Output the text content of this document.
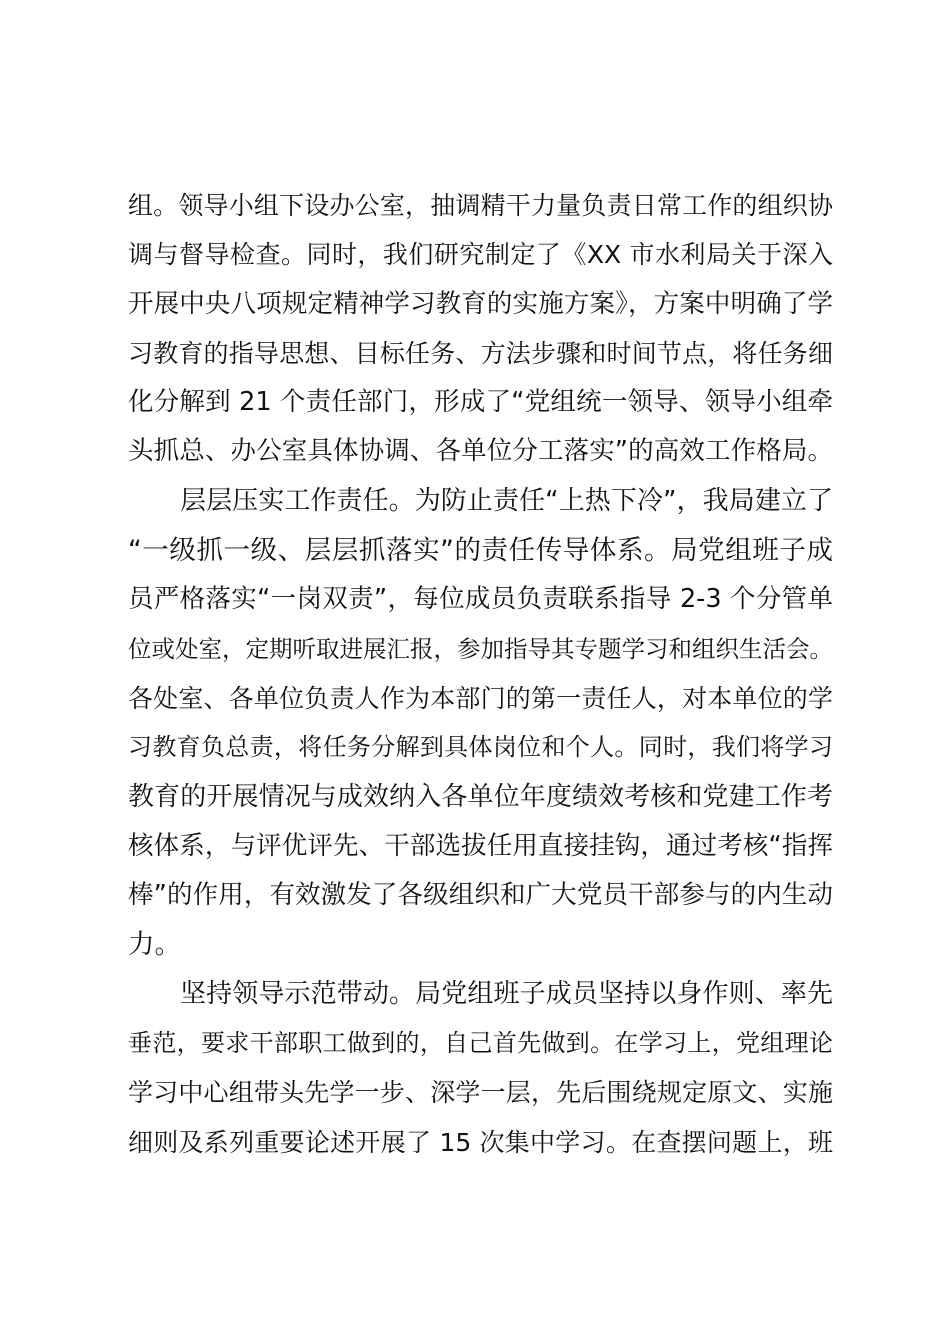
组。领导小组下设办公室，抽调精干力量负责日常工作的组织协
调与督导检查。同时，我们研究制定了《XX 市水利局关于深入
开展中央八项规定精神学习教育的实施方案》，方案中明确了学
习教育的指导思想、目标任务、方法步骤和时间节点，将任务细
化分解到 21 个责任部门，形成了“党组统一领导、领导小组牵
头抓总、办公室具体协调、各单位分工落实”的高效工作格局。
层层压实工作责任。为防止责任“上热下冷”，我局建立了
“一级抓一级、层层抓落实”的责任传导体系。局党组班子成
员严格落实“一岗双责”，每位成员负责联系指导 2-3 个分管单
位或处室，定期听取进展汇报，参加指导其专题学习和组织生活会。
各处室、各单位负责人作为本部门的第一责任人，对本单位的学
习教育负总责，将任务分解到具体岗位和个人。同时，我们将学习
教育的开展情况与成效纳入各单位年度绩效考核和党建工作考
核体系，与评优评先、干部选拔任用直接挂钩，通过考核“指挥
棒”的作用，有效激发了各级组织和广大党员干部参与的内生动
力。
坚持领导示范带动。局党组班子成员坚持以身作则、率先
垂范，要求干部职工做到的，自己首先做到。在学习上，党组理论
学习中心组带头先学一步、深学一层，先后围绕规定原文、实施
细则及系列重要论述开展了 15 次集中学习。在查摆问题上，班
